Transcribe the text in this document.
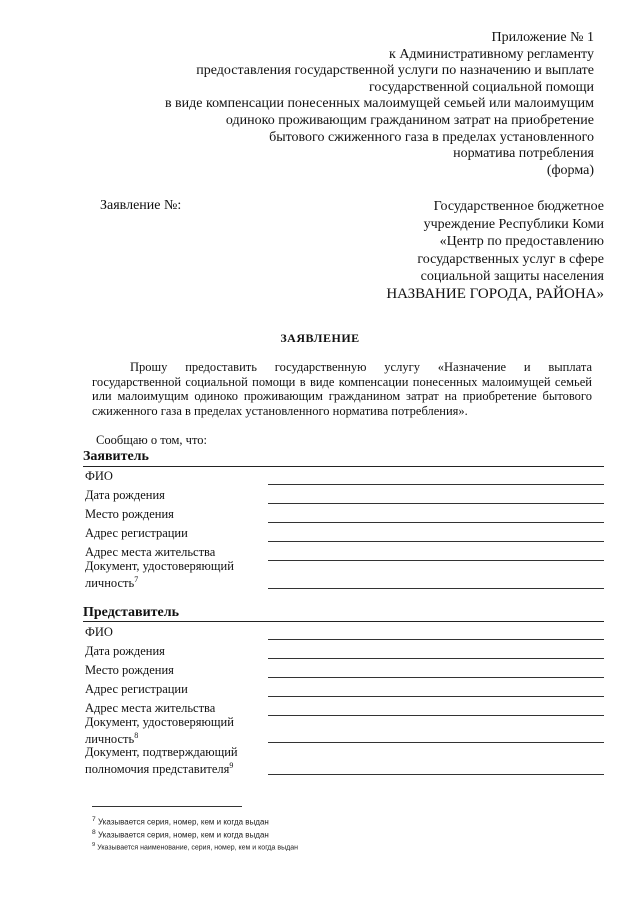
Приложение № 1
к Административному регламенту
предоставления государственной услуги по назначению и выплате
государственной социальной помощи
в виде компенсации понесенных малоимущей семьей или малоимущим
одиноко проживающим гражданином затрат на приобретение
бытового сжиженного газа в пределах установленного
норматива потребления
(форма)
Заявление №:	Государственное бюджетное
учреждение Республики Коми
«Центр по предоставлению
государственных услуг в сфере
социальной защиты населения
НАЗВАНИЕ ГОРОДА, РАЙОНА»
ЗАЯВЛЕНИЕ
Прошу предоставить государственную услугу «Назначение и выплата государственной социальной помощи в виде компенсации понесенных малоимущей семьей или малоимущим одиноко проживающим гражданином затрат на приобретение бытового сжиженного газа в пределах установленного норматива потребления».
Сообщаю о том, что:
Заявитель
ФИО
Дата рождения
Место рождения
Адрес регистрации
Адрес места жительства
Документ, удостоверяющий
личность$^7$
Представитель
ФИО
Дата рождения
Место рождения
Адрес регистрации
Адрес места жительства
Документ, удостоверяющий
личность$^8$
Документ, подтверждающий
полномочия представителя$^9$
$^7$ Указывается серия, номер, кем и когда выдан
$^8$ Указывается серия, номер, кем и когда выдан
$^9$ Указывается наименование, серия, номер, кем и когда выдан
